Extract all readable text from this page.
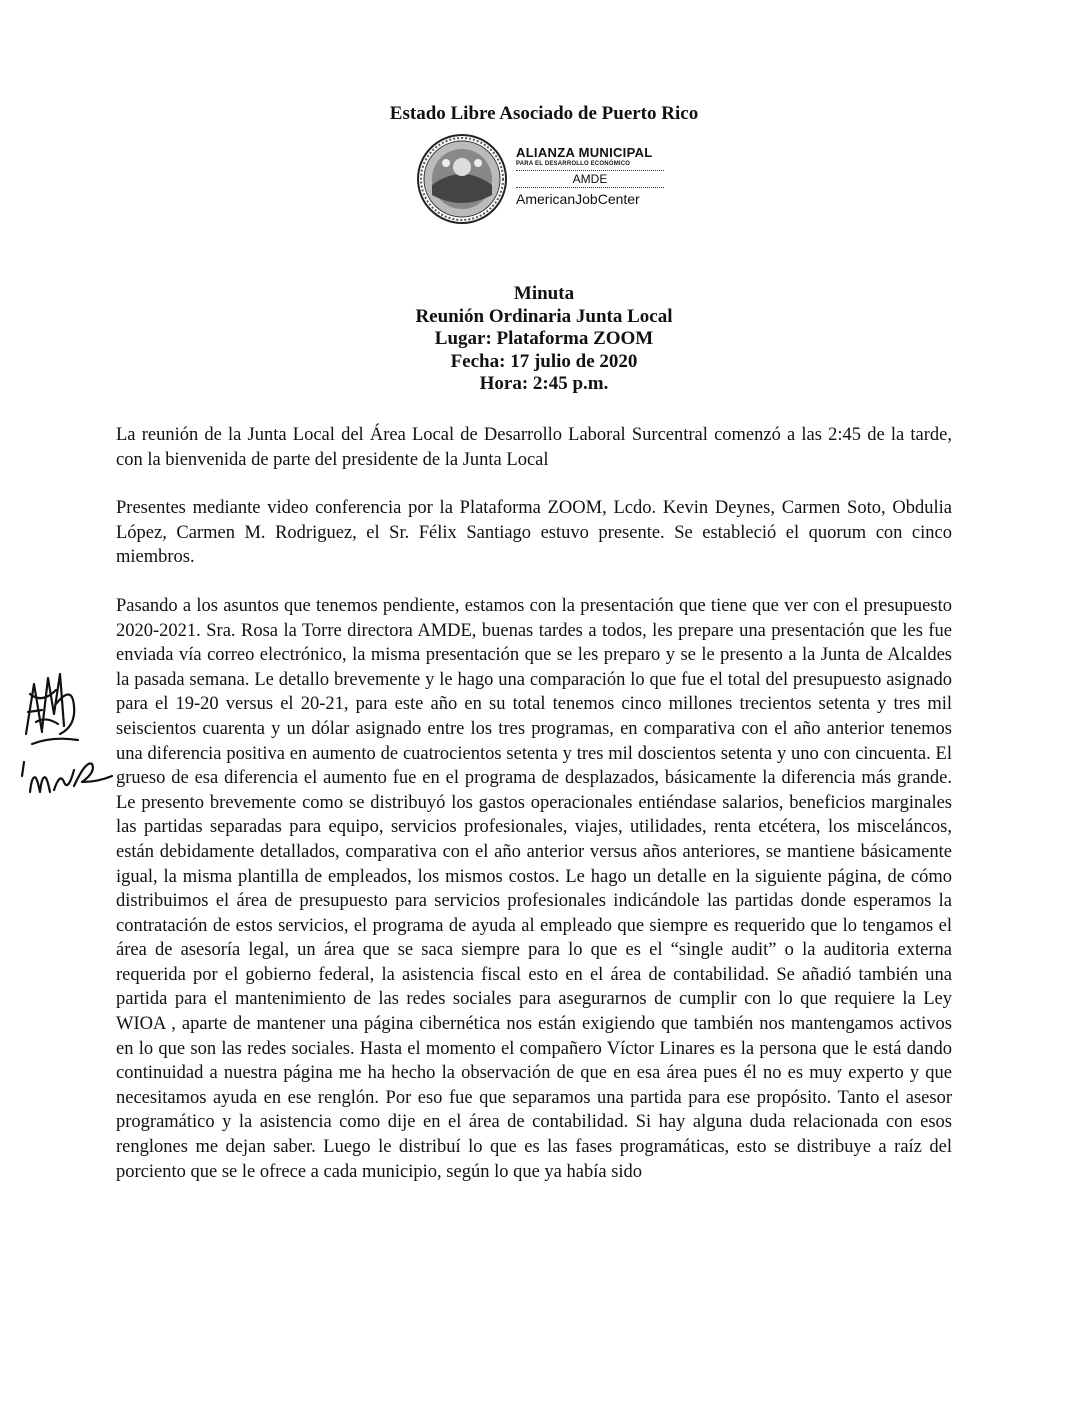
Estado Libre Asociado de Puerto Rico
ALIANZA MUNICIPAL
PARA EL DESARROLLO ECONÓMICO
AMDE
AmericanJobCenter
Minuta
Reunión Ordinaria Junta Local
Lugar: Plataforma ZOOM
Fecha: 17 julio de 2020
Hora: 2:45 p.m.

La reunión de la Junta Local del Área Local de Desarrollo Laboral Surcentral comenzó a las 2:45 de la tarde, con la bienvenida de parte del presidente de la Junta Local

Presentes mediante video conferencia por la Plataforma ZOOM, Lcdo. Kevin Deynes, Carmen Soto, Obdulia López, Carmen M. Rodriguez, el Sr. Félix Santiago estuvo presente. Se estableció el quorum con cinco miembros.

Pasando a los asuntos que tenemos pendiente, estamos con la presentación que tiene que ver con el presupuesto 2020-2021. Sra. Rosa la Torre directora AMDE, buenas tardes a todos, les prepare una presentación que les fue enviada vía correo electrónico, la misma presentación que se les preparo y se le presento a la Junta de Alcaldes la pasada semana. Le detallo brevemente y le hago una comparación lo que fue el total del presupuesto asignado para el 19-20 versus el 20-21, para este año en su total tenemos cinco millones trecientos setenta y tres mil seiscientos cuarenta y un dólar asignado entre los tres programas, en comparativa con el año anterior tenemos una diferencia positiva en aumento de cuatrocientos setenta y tres mil doscientos setenta y uno con cincuenta. El grueso de esa diferencia el aumento fue en el programa de desplazados, básicamente la diferencia más grande. Le presento brevemente como se distribuyó los gastos operacionales entiéndase salarios, beneficios marginales las partidas separadas para equipo, servicios profesionales, viajes, utilidades, renta etcétera, los misceláncos, están debidamente detallados, comparativa con el año anterior versus años anteriores, se mantiene básicamente igual, la misma plantilla de empleados, los mismos costos. Le hago un detalle en la siguiente página, de cómo distribuimos el área de presupuesto para servicios profesionales indicándole las partidas donde esperamos la contratación de estos servicios, el programa de ayuda al empleado que siempre es requerido que lo tengamos el área de asesoría legal, un área que se saca siempre para lo que es el “single audit” o la auditoria externa requerida por el gobierno federal, la asistencia fiscal esto en el área de contabilidad. Se añadió también una partida para el mantenimiento de las redes sociales para asegurarnos de cumplir con lo que requiere la Ley WIOA , aparte de mantener una página cibernética nos están exigiendo que también nos mantengamos activos en lo que son las redes sociales. Hasta el momento el compañero Víctor Linares es la persona que le está dando continuidad a nuestra página me ha hecho la observación de que en esa área pues él no es muy experto y que necesitamos ayuda en ese renglón. Por eso fue que separamos una partida para ese propósito. Tanto el asesor programático y la asistencia como dije en el área de contabilidad. Si hay alguna duda relacionada con esos renglones me dejan saber. Luego le distribuí lo que es las fases programáticas, esto se distribuye a raíz del porciento que se le ofrece a cada municipio, según lo que ya había sido
